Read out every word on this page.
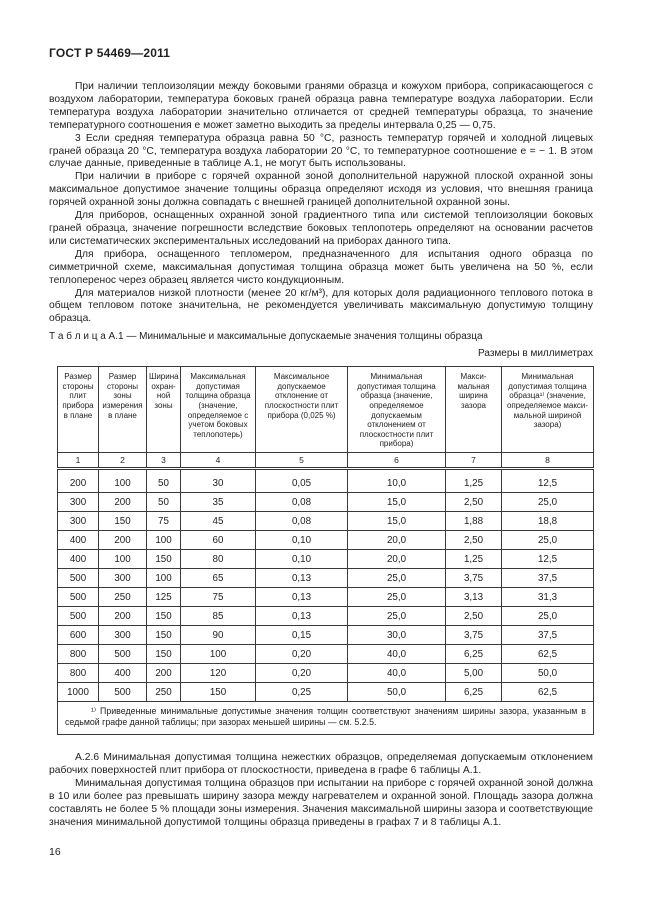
ГОСТ Р 54469—2011

При наличии теплоизоляции между боковыми гранями образца и кожухом прибора, соприкасающегося с воздухом лаборатории, температура боковых граней образца равна температуре воздуха лаборатории. Если температура воздуха лаборатории значительно отличается от средней температуры образца, то значение температурного соотношения е может заметно выходить за пределы интервала 0,25 — 0,75.

3 Если средняя температура образца равна 50 °С, разность температур горячей и холодной лицевых граней образца 20 °С, температура воздуха лаборатории 20 °С, то температурное соотношение е = − 1. В этом случае данные, приведенные в таблице А.1, не могут быть использованы.

При наличии в приборе с горячей охранной зоной дополнительной наружной плоской охранной зоны максимальное допустимое значение толщины образца определяют исходя из условия, что внешняя граница горячей охранной зоны должна совпадать с внешней границей дополнительной охранной зоны.

Для приборов, оснащенных охранной зоной градиентного типа или системой теплоизоляции боковых граней образца, значение погрешности вследствие боковых теплопотерь определяют на основании расчетов или систематических экспериментальных исследований на приборах данного типа.

Для прибора, оснащенного тепломером, предназначенного для испытания одного образца по симметричной схеме, максимальная допустимая толщина образца может быть увеличена на 50 %, если теплоперенос через образец является чисто кондукционным.

Для материалов низкой плотности (менее 20 кг/м³), для которых доля радиационного теплового потока в общем тепловом потоке значительна, не рекомендуется увеличивать максимальную допустимую толщину образца.

Т а б л и ц а А.1 — Минимальные и максимальные допускаемые значения толщины образца
Размеры в миллиметрах
Размер стороны плит прибора в плане	Размер стороны зоны измерения в плане	Ширина охранной зоны	Максимальная допустимая толщина образца (значение, определяемое с учетом боковых теплопотерь)	Максимальное допускаемое отклонение от плоскостности плит прибора (0,025 %)	Минимальная допустимая толщина образца (значение, определяемое допускаемым отклонением от плоскостности плит прибора)	Максимальная ширина зазора	Минимальная допустимая толщина образца¹⁾ (значение, определяемое максимальной шириной зазора)
1	2	3	4	5	6	7	8
200	100	50	30	0,05	10,0	1,25	12,5
300	200	50	35	0,08	15,0	2,50	25,0
300	150	75	45	0,08	15,0	1,88	18,8
400	200	100	60	0,10	20,0	2,50	25,0
400	100	150	80	0,10	20,0	1,25	12,5
500	300	100	65	0,13	25,0	3,75	37,5
500	250	125	75	0,13	25,0	3,13	31,3
500	200	150	85	0,13	25,0	2,50	25,0
600	300	150	90	0,15	30,0	3,75	37,5
800	500	150	100	0,20	40,0	6,25	62,5
800	400	200	120	0,20	40,0	5,00	50,0
1000	500	250	150	0,25	50,0	6,25	62,5
¹⁾ Приведенные минимальные допустимые значения толщин соответствуют значениям ширины зазора, указанным в седьмой графе данной таблицы; при зазорах меньшей ширины — см. 5.2.5.							

А.2.6 Минимальная допустимая толщина нежестких образцов, определяемая допускаемым отклонением рабочих поверхностей плит прибора от плоскостности, приведена в графе 6 таблицы А.1.

Минимальная допустимая толщина образцов при испытании на приборе с горячей охранной зоной должна в 10 или более раз превышать ширину зазора между нагревателем и охранной зоной. Площадь зазора должна составлять не более 5 % площади зоны измерения. Значения максимальной ширины зазора и соответствующие значения минимальной допустимой толщины образца приведены в графах 7 и 8 таблицы А.1.

16
